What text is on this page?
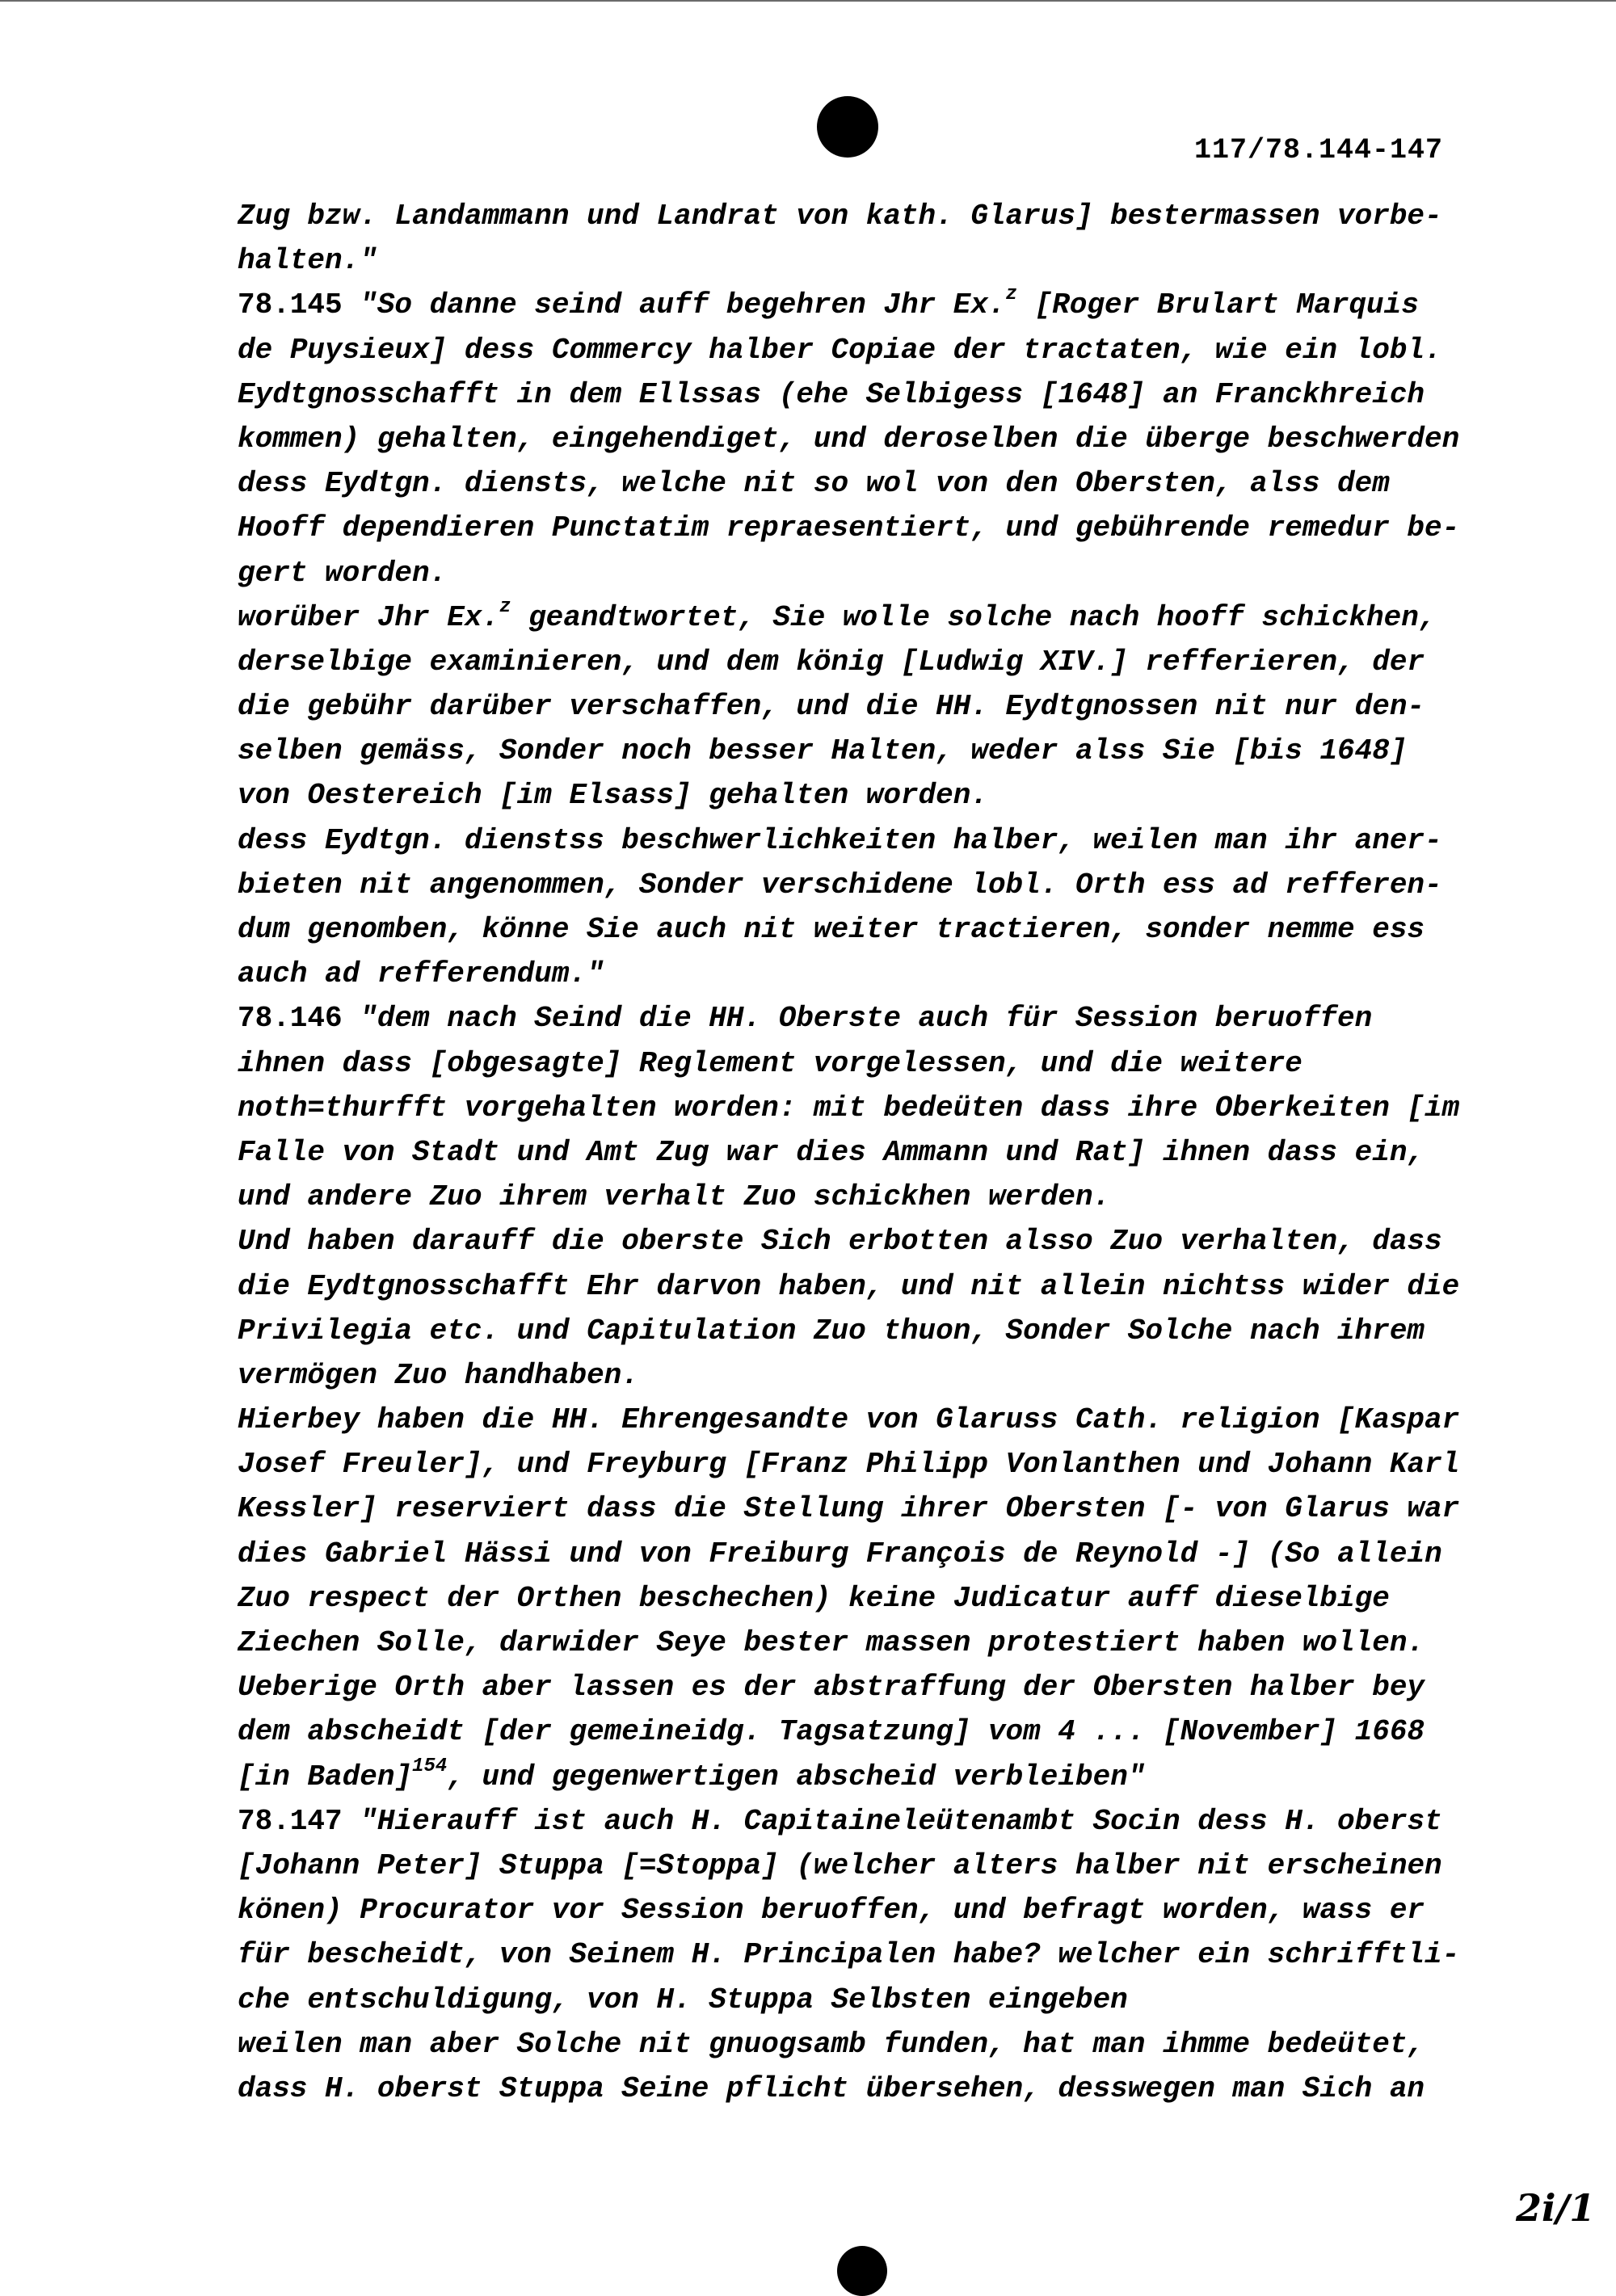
117/78.144-147
Zug bzw. Landammann und Landrat von kath. Glarus] bestermassen vorbe-
halten."
78.145 "So danne seind auff begehren Jhr Ex.$^z$ [Roger Brulart Marquis
de Puysieux] dess Commercy halber Copiae der tractaten, wie ein lobl.
Eydtgnosschafft in dem Ellssas (ehe Selbigess [1648] an Franckhreich
kommen) gehalten, eingehendiget, und deroselben die überge beschwerden
dess Eydtgn. diensts, welche nit so wol von den Obersten, alss dem
Hooff dependieren Punctatim repraesentiert, und gebührende remedur be-
gert worden.
worüber Jhr Ex.$^z$ geandtwortet, Sie wolle solche nach hooff schickhen,
derselbige examinieren, und dem könig [Ludwig XIV.] refferieren, der
die gebühr darüber verschaffen, und die HH. Eydtgnossen nit nur den-
selben gemäss, Sonder noch besser Halten, weder alss Sie [bis 1648]
von Oestereich [im Elsass] gehalten worden.
dess Eydtgn. dienstss beschwerlichkeiten halber, weilen man ihr aner-
bieten nit angenommen, Sonder verschidene lobl. Orth ess ad refferen-
dum genomben, könne Sie auch nit weiter tractieren, sonder nemme ess
auch ad refferendum."
78.146 "dem nach Seind die HH. Oberste auch für Session beruoffen
ihnen dass [obgesagte] Reglement vorgelessen, und die weitere
noth=thurfft vorgehalten worden: mit bedeüten dass ihre Oberkeiten [im
Falle von Stadt und Amt Zug war dies Ammann und Rat] ihnen dass ein,
und andere Zuo ihrem verhalt Zuo schickhen werden.
Und haben darauff die oberste Sich erbotten alsso Zuo verhalten, dass
die Eydtgnosschafft Ehr darvon haben, und nit allein nichtss wider die
Privilegia etc. und Capitulation Zuo thuon, Sonder Solche nach ihrem
vermögen Zuo handhaben.
Hierbey haben die HH. Ehrengesandte von Glaruss Cath. religion [Kaspar
Josef Freuler], und Freyburg [Franz Philipp Vonlanthen und Johann Karl
Kessler] reserviert dass die Stellung ihrer Obersten [- von Glarus war
dies Gabriel Hässi und von Freiburg François de Reynold -] (So allein
Zuo respect der Orthen beschechen) keine Judicatur auff dieselbige
Ziechen Solle, darwider Seye bester massen protestiert haben wollen.
Ueberige Orth aber lassen es der abstraffung der Obersten halber bey
dem abscheidt [der gemeineidg. Tagsatzung] vom 4 ... [November] 1668
[in Baden]$^{154}$, und gegenwertigen abscheid verbleiben"
78.147 "Hierauff ist auch H. Capitaineleütenambt Socin dess H. oberst
[Johann Peter] Stuppa [=Stoppa] (welcher alters halber nit erscheinen
könen) Procurator vor Session beruoffen, und befragt worden, wass er
für bescheidt, von Seinem H. Principalen habe? welcher ein schrifftli-
che entschuldigung, von H. Stuppa Selbsten eingeben
weilen man aber Solche nit gnuogsamb funden, hat man ihmme bedeütet,
dass H. oberst Stuppa Seine pflicht übersehen, desswegen man Sich an
2i/1
